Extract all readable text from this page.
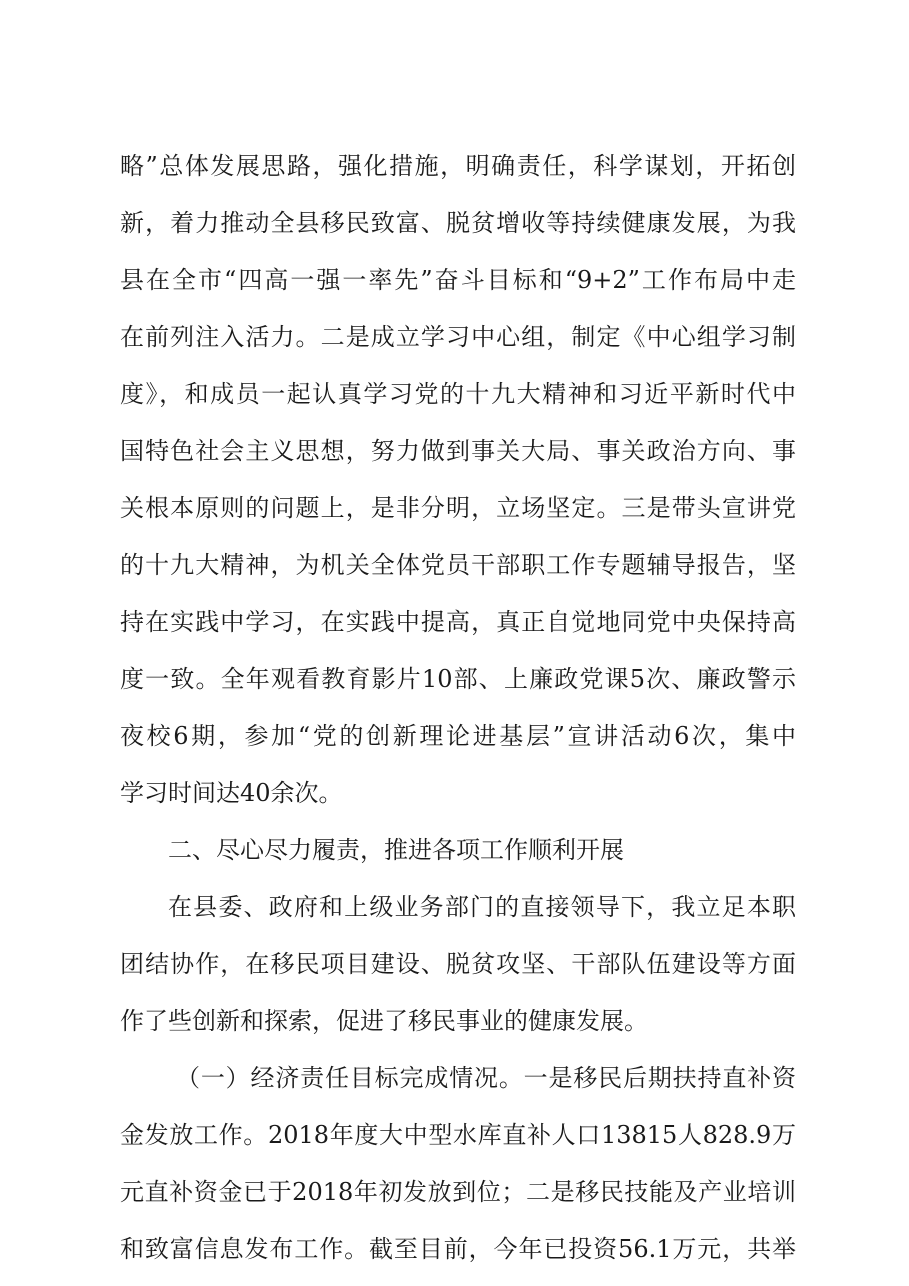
略”总体发展思路，强化措施，明确责任，科学谋划，开拓创
新，着力推动全县移民致富、脱贫增收等持续健康发展，为我
县在全市“四高一强一率先”奋斗目标和“9+2”工作布局中走
在前列注入活力。二是成立学习中心组，制定《中心组学习制
度》，和成员一起认真学习党的十九大精神和习近平新时代中
国特色社会主义思想，努力做到事关大局、事关政治方向、事
关根本原则的问题上，是非分明，立场坚定。三是带头宣讲党
的十九大精神，为机关全体党员干部职工作专题辅导报告，坚
持在实践中学习，在实践中提高，真正自觉地同党中央保持高
度一致。全年观看教育影片10部、上廉政党课5次、廉政警示
夜校6期，参加“党的创新理论进基层”宣讲活动6次，集中
学习时间达40余次。
二、尽心尽力履责，推进各项工作顺利开展
在县委、政府和上级业务部门的直接领导下，我立足本职
团结协作，在移民项目建设、脱贫攻坚、干部队伍建设等方面
作了些创新和探索，促进了移民事业的健康发展。
（一）经济责任目标完成情况。一是移民后期扶持直补资
金发放工作。2018年度大中型水库直补人口13815人828.9万
元直补资金已于2018年初发放到位；二是移民技能及产业培训
和致富信息发布工作。截至目前，今年已投资56.1万元，共举
